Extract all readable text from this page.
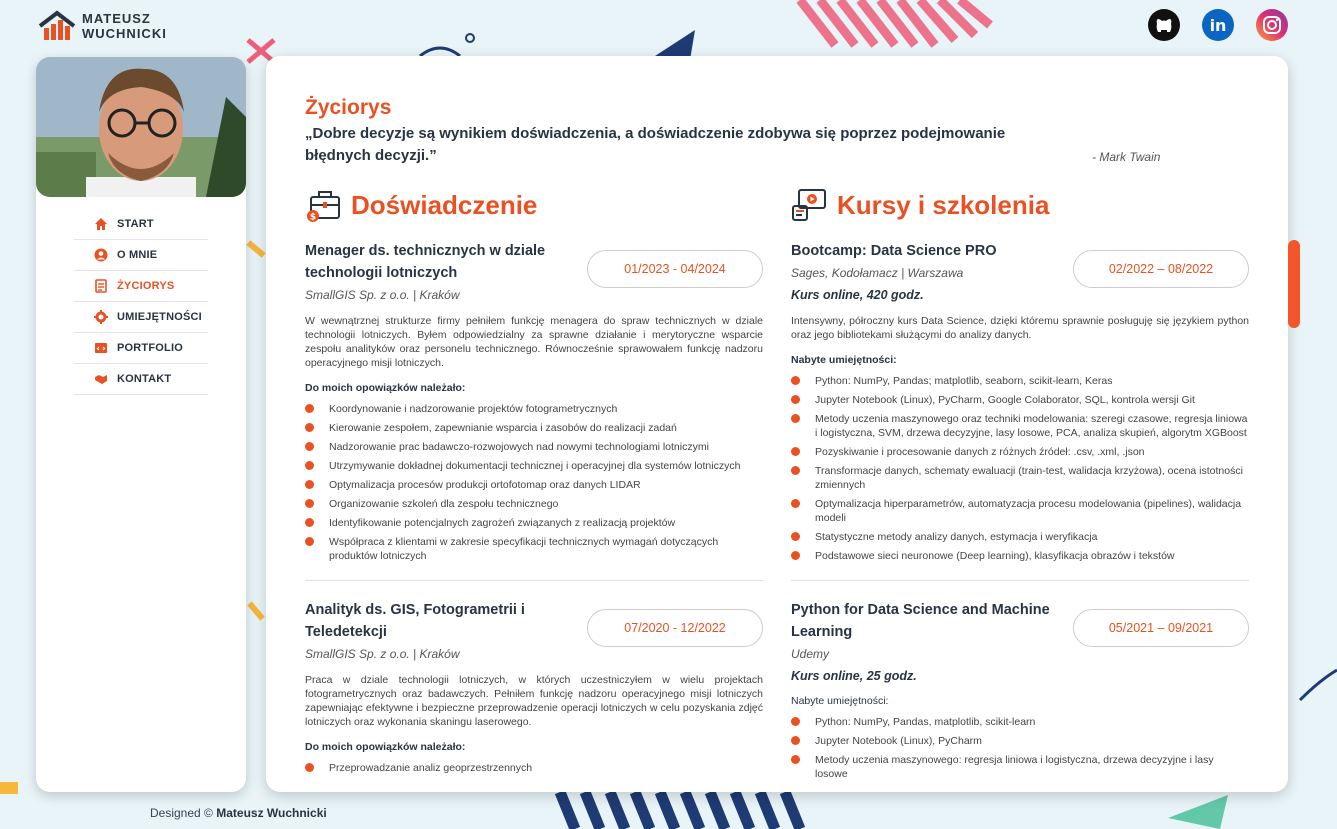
MATEUSZ
WUCHNICKI	in
START
O MNIE
ŻYCIORYS
UMIEJĘTNOŚCI
PORTFOLIO
KONTAKT
Designed © Mateusz Wuchnicki
Życiorys

„Dobre decyzje są wynikiem doświadczenia, a doświadczenie zdobywa się poprzez podejmowanie błędnych decyzji.”	- Mark Twain
$ Doświadczenie
Menager ds. technicznych w dziale technologii lotniczych	01/2023 - 04/2024
SmallGIS Sp. z o.o. | Kraków

W wewnątrznej strukturze firmy pełniłem funkcję menagera do spraw technicznych w dziale technologii lotniczych. Byłem odpowiedzialny za sprawne działanie i merytoryczne wsparcie zespołu analityków oraz personelu technicznego. Równocześnie sprawowałem funkcję nadzoru operacyjnego misji lotniczych.

Do moich opowiązków należało:
Koordynowanie i nadzorowanie projektów fotogrametrycznych
Kierowanie zespołem, zapewnianie wsparcia i zasobów do realizacji zadań
Nadzorowanie prac badawczo-rozwojowych nad nowymi technologiami lotniczymi
Utrzymywanie dokładnej dokumentacji technicznej i operacyjnej dla systemów lotniczych
Optymalizacja procesów produkcji ortofotomap oraz danych LIDAR
Organizowanie szkoleń dla zespołu technicznego
Identyfikowanie potencjalnych zagrożeń związanych z realizacją projektów
Współpraca z klientami w zakresie specyfikacji technicznych wymagań dotyczących produktów lotniczych
Analityk ds. GIS, Fotogrametrii i Teledetekcji	07/2020 - 12/2022
SmallGIS Sp. z o.o. | Kraków

Praca w dziale technologii lotniczych, w których uczestniczyłem w wielu projektach fotogrametrycznych oraz badawczych. Pełniłem funkcję nadzoru operacyjnego misji lotniczych zapewniając efektywne i bezpieczne przeprowadzenie operacji lotniczych w celu pozyskania zdjęć lotniczych oraz wykonania skaningu laserowego.

Do moich opowiązków należało:
Przeprowadzanie analiz geoprzestrzennych
Kursy i szkolenia
Bootcamp: Data Science PRO
02/2022 – 08/2022
Sages, Kodołamacz | Warszawa
Kurs online, 420 godz.

Intensywny, półroczny kurs Data Science, dzięki któremu sprawnie posługuję się językiem python oraz jego bibliotekami służącymi do analizy danych.

Nabyte umiejętności:
Python: NumPy, Pandas; matplotlib, seaborn, scikit-learn, Keras
Jupyter Notebook (Linux), PyCharm, Google Colaborator, SQL, kontrola wersji Git
Metody uczenia maszynowego oraz techniki modelowania: szeregi czasowe, regresja liniowa i logistyczna, SVM, drzewa decyzyjne, lasy losowe, PCA, analiza skupień, algorytm XGBoost
Pozyskiwanie i procesowanie danych z różnych źródeł: .csv, .xml, .json
Transformacje danych, schematy ewaluacji (train-test, walidacja krzyżowa), ocena istotności zmiennych
Optymalizacja hiperparametrów, automatyzacja procesu modelowania (pipelines), walidacja modeli
Statystyczne metody analizy danych, estymacja i weryfikacja
Podstawowe sieci neuronowe (Deep learning), klasyfikacja obrazów i tekstów
Python for Data Science and Machine Learning	05/2021 – 09/2021
Udemy
Kurs online, 25 godz.
Nabyte umiejętności:
Python: NumPy, Pandas, matplotlib, scikit-learn
Jupyter Notebook (Linux), PyCharm
Metody uczenia maszynowego: regresja liniowa i logistyczna, drzewa decyzyjne i lasy losowe
